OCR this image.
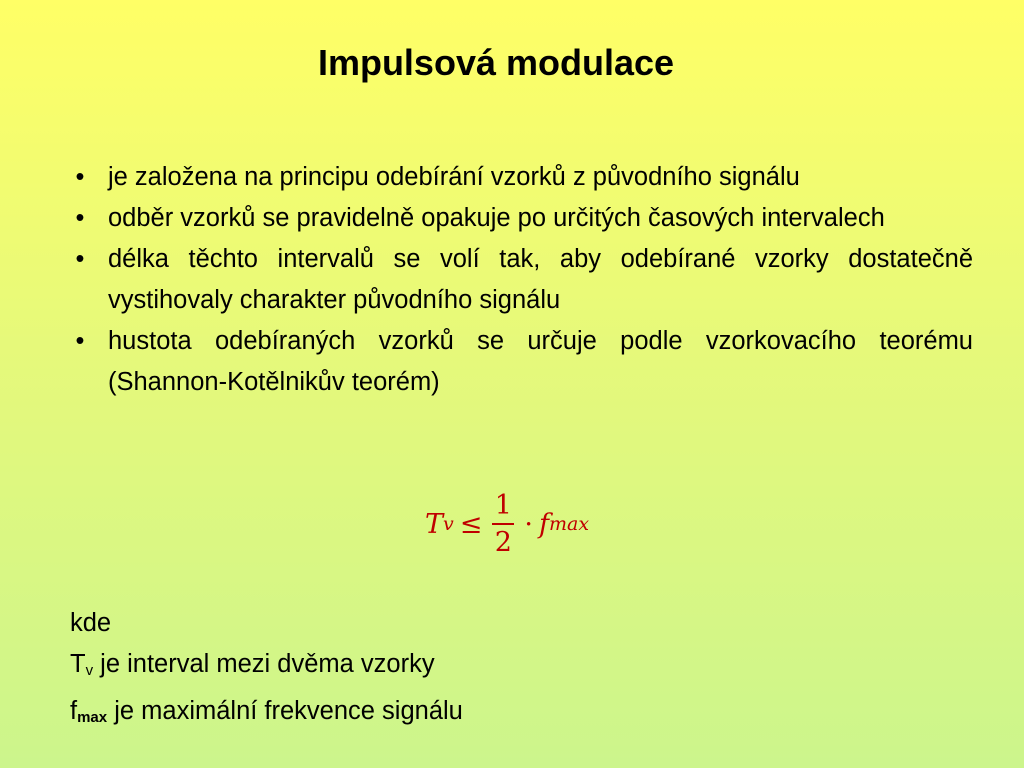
Impulsová modulace
• je založena na principu odebírání vzorků z původního signálu
• odběr vzorků se pravidelně opakuje po určitých časových intervalech
• délka těchto intervalů se volí tak, aby odebírané vzorky dostatečně vystihovaly charakter původního signálu
• hustota odebíraných vzorků se určuje podle vzorkovacího teorému (Shannon-Kotělnikův teorém)
T $v \le \frac{1}{2} \cdot f$ max
kde
$T_v$ je interval mezi dvěma vzorky
$f_{max}$ je maximální frekvence signálu
